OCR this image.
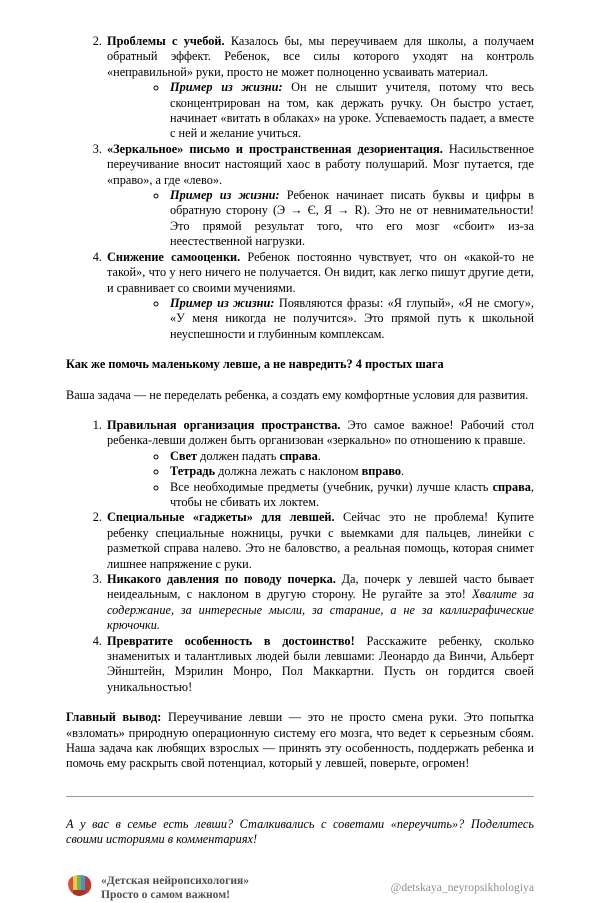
2. Проблемы с учебой. Казалось бы, мы переучиваем для школы, а получаем обратный эффект. Ребенок, все силы которого уходят на контроль «неправильной» руки, просто не может полноценно усваивать материал.
◦ Пример из жизни: Он не слышит учителя, потому что весь сконцентрирован на том, как держать ручку. Он быстро устает, начинает «витать в облаках» на уроке. Успеваемость падает, а вместе с ней и желание учиться.
3. «Зеркальное» письмо и пространственная дезориентация. Насильственное переучивание вносит настоящий хаос в работу полушарий. Мозг путается, где «право», а где «лево».
◦ Пример из жизни: Ребенок начинает писать буквы и цифры в обратную сторону (Э → Є, Я → R). Это не от невнимательности! Это прямой результат того, что его мозг «сбоит» из-за неестественной нагрузки.
4. Снижение самооценки. Ребенок постоянно чувствует, что он «какой-то не такой», что у него ничего не получается. Он видит, как легко пишут другие дети, и сравнивает со своими мучениями.
◦ Пример из жизни: Появляются фразы: «Я глупый», «Я не смогу», «У меня никогда не получится». Это прямой путь к школьной неуспешности и глубинным комплексам.
Как же помочь маленькому левше, а не навредить? 4 простых шага

Ваша задача — не переделать ребенка, а создать ему комфортные условия для развития.

1. Правильная организация пространства. Это самое важное! Рабочий стол ребенка-левши должен быть организован «зеркально» по отношению к правше.
◦ Свет должен падать справа.
◦ Тетрадь должна лежать с наклоном вправо.
◦ Все необходимые предметы (учебник, ручки) лучше класть справа, чтобы не сбивать их локтем.
2. Специальные «гаджеты» для левшей. Сейчас это не проблема! Купите ребенку специальные ножницы, ручки с выемками для пальцев, линейки с разметкой справа налево. Это не баловство, а реальная помощь, которая снимет лишнее напряжение с руки.
3. Никакого давления по поводу почерка. Да, почерк у левшей часто бывает неидеальным, с наклоном в другую сторону. Не ругайте за это! Хвалите за содержание, за интересные мысли, за старание, а не за каллиграфические крючочки.
4. Превратите особенность в достоинство! Расскажите ребенку, сколько знаменитых и талантливых людей были левшами: Леонардо да Винчи, Альберт Эйнштейн, Мэрилин Монро, Пол Маккартни. Пусть он гордится своей уникальностью!

Главный вывод: Переучивание левши — это не просто смена руки. Это попытка «взломать» природную операционную систему его мозга, что ведет к серьезным сбоям. Наша задача как любящих взрослых — принять эту особенность, поддержать ребенка и помочь ему раскрыть свой потенциал, который у левшей, поверьте, огромен!

А у вас в семье есть левши? Сталкивались с советами «переучить»? Поделитесь своими историями в комментариях!

«Детская нейропсихология»
Просто о самом важном!
@detskaya_neyropsikhologiya
